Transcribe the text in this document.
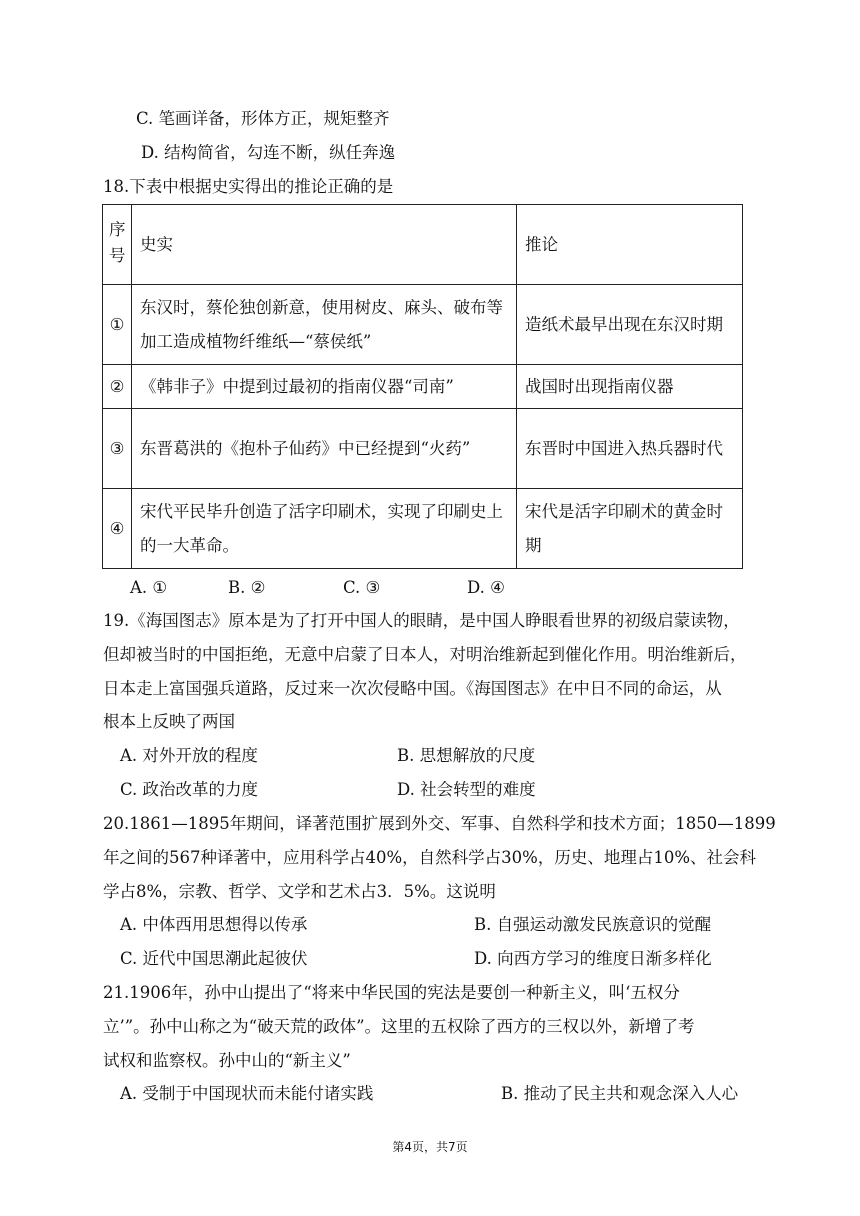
C. 笔画详备，形体方正，规矩整齐
D. 结构简省，勾连不断，纵任奔逸
18.下表中根据史实得出的推论正确的是
序号	史实	推论
①	东汉时，蔡伦独创新意，使用树皮、麻头、破布等加工造成植物纤维纸—“蔡侯纸”	造纸术最早出现在东汉时期
②	《韩非子》中提到过最初的指南仪器“司南”	战国时出现指南仪器
③	东晋葛洪的《抱朴子仙药》中已经提到“火药”	东晋时中国进入热兵器时代
④	宋代平民毕升创造了活字印刷术，实现了印刷史上的一大革命。	宋代是活字印刷术的黄金时期
A. ①	B. ②	C. ③	D. ④
19.《海国图志》原本是为了打开中国人的眼睛，是中国人睁眼看世界的初级启蒙读物，
但却被当时的中国拒绝，无意中启蒙了日本人，对明治维新起到催化作用。明治维新后，
日本走上富国强兵道路，反过来一次次侵略中国。《海国图志》在中日不同的命运，从
根本上反映了两国
A. 对外开放的程度	B. 思想解放的尺度
C. 政治改革的力度	D. 社会转型的难度
20.1861—1895年期间，译著范围扩展到外交、军事、自然科学和技术方面；1850—1899
年之间的567种译著中，应用科学占40%，自然科学占30%，历史、地理占10%、社会科
学占8%，宗教、哲学、文学和艺术占3．5%。这说明
A. 中体西用思想得以传承	B. 自强运动激发民族意识的觉醒
C. 近代中国思潮此起彼伏	D. 向西方学习的维度日渐多样化
21.1906年，孙中山提出了“将来中华民国的宪法是要创一种新主义，叫‘五权分
立’”。孙中山称之为“破天荒的政体”。这里的五权除了西方的三权以外，新增了考
试权和监察权。孙中山的“新主义”
A. 受制于中国现状而未能付诸实践	B. 推动了民主共和观念深入人心
第4页，共7页
